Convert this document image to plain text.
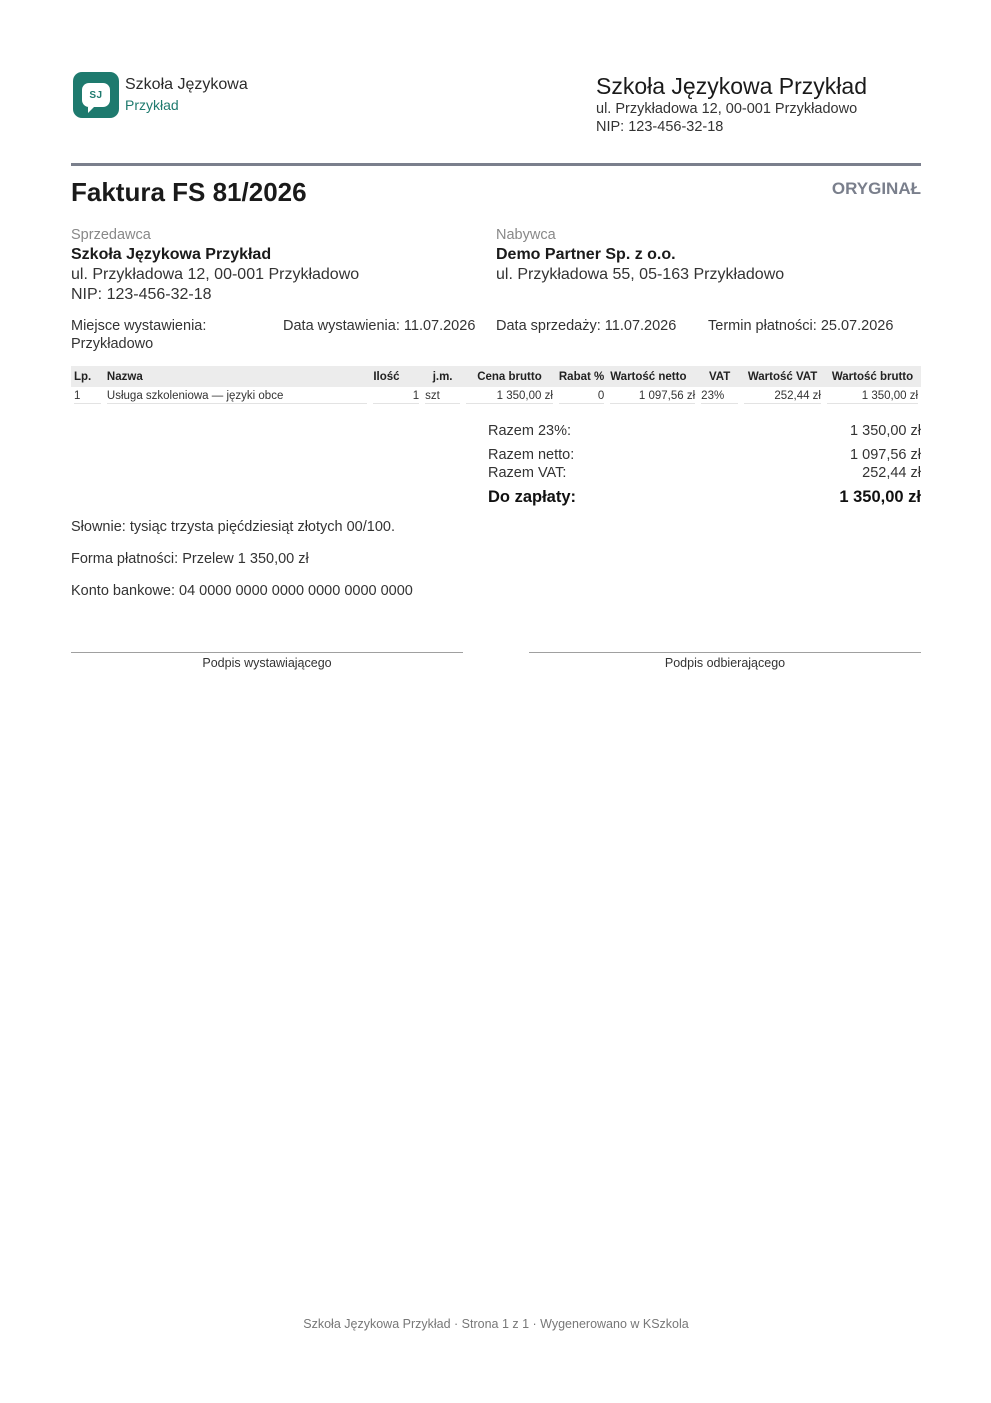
SJ
Szkoła Językowa
Przykład
Szkoła Językowa Przykład
ul. Przykładowa 12, 00-001 Przykładowo
NIP: 123-456-32-18
Faktura FS 81/2026	ORYGINAŁ
Sprzedawca
Szkoła Językowa Przykład
ul. Przykładowa 12, 00-001 Przykładowo
NIP: 123-456-32-18
Nabywca
Demo Partner Sp. z o.o.
ul. Przykładowa 55, 05-163 Przykładowo
Miejsce wystawienia:
Przykładowo
Data wystawienia: 11.07.2026 Data sprzedaży: 11.07.2026 Termin płatności: 25.07.2026
Lp.	Nazwa	Ilość	j.m.	Cena brutto	Rabat %	Wartość netto	VAT	Wartość VAT	Wartość brutto

1	Usługa szkoleniowa — języki obce	1	szt	1 350,00 zł	0	1 097,56 zł	23%	252,44 zł	1 350,00 zł
Razem 23%:	1 350,00 zł
Razem netto:	1 097,56 zł
Razem VAT:	252,44 zł
Do zapłaty:	1 350,00 zł
Słownie: tysiąc trzysta pięćdziesiąt złotych 00/100.
Forma płatności: Przelew 1 350,00 zł
Konto bankowe: 04 0000 0000 0000 0000 0000 0000
Podpis wystawiającego	Podpis odbierającego
Szkoła Językowa Przykład · Strona 1 z 1 · Wygenerowano w KSzkola
